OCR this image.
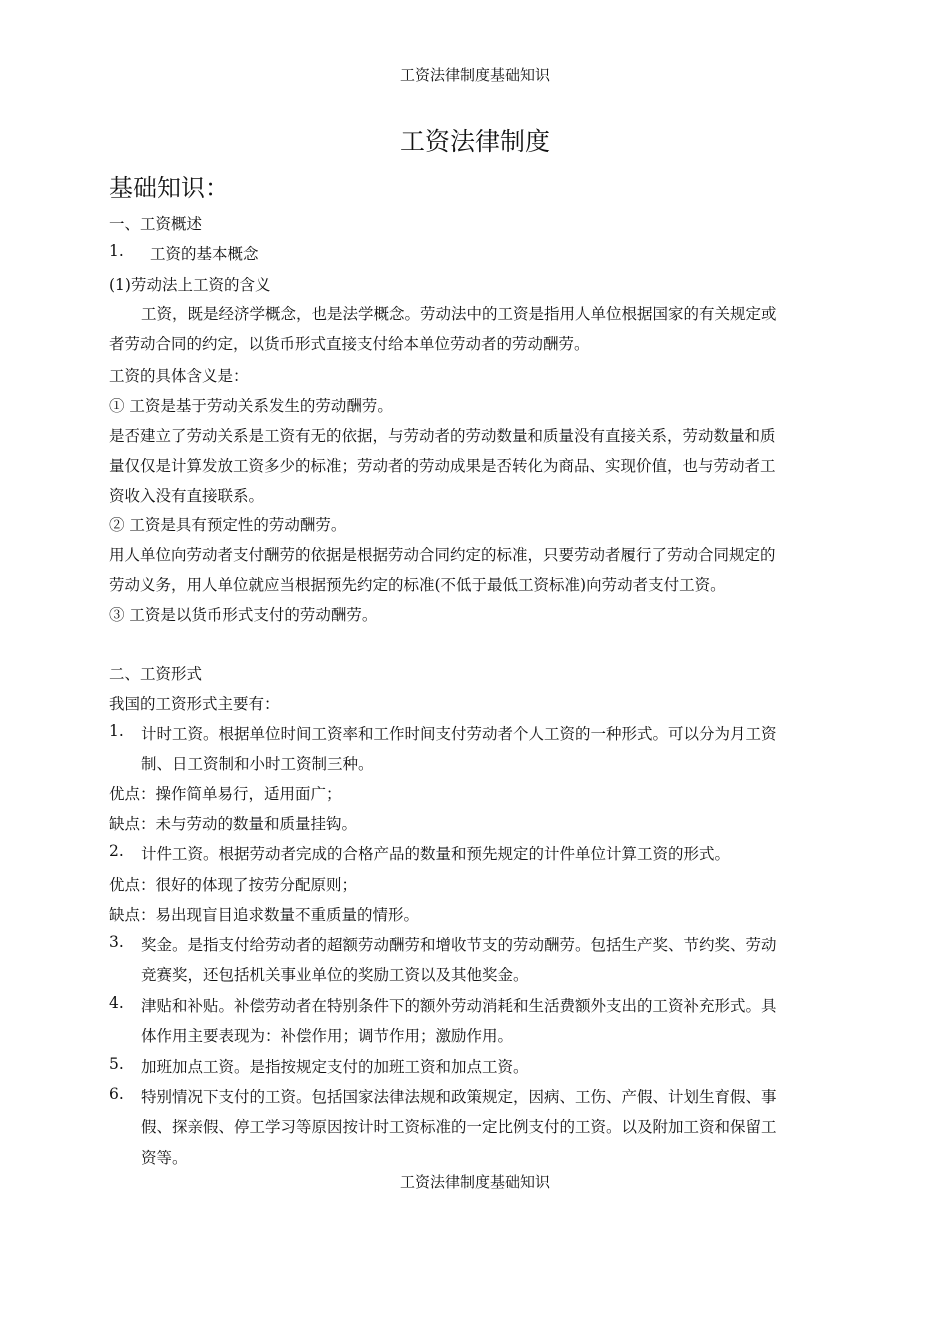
工资法律制度基础知识
工资法律制度
基础知识：
一、工资概述
1. 工资的基本概念
(1)劳动法上工资的含义
工资，既是经济学概念，也是法学概念。劳动法中的工资是指用人单位根据国家的有关规定或
者劳动合同的约定，以货币形式直接支付给本单位劳动者的劳动酬劳。
工资的具体含义是：
① 工资是基于劳动关系发生的劳动酬劳。
是否建立了劳动关系是工资有无的依据，与劳动者的劳动数量和质量没有直接关系，劳动数量和质
量仅仅是计算发放工资多少的标准；劳动者的劳动成果是否转化为商品、实现价值，也与劳动者工
资收入没有直接联系。
② 工资是具有预定性的劳动酬劳。
用人单位向劳动者支付酬劳的依据是根据劳动合同约定的标准，只要劳动者履行了劳动合同规定的
劳动义务，用人单位就应当根据预先约定的标准(不低于最低工资标准)向劳动者支付工资。
③ 工资是以货币形式支付的劳动酬劳。
二、工资形式
我国的工资形式主要有：
1. 计时工资。根据单位时间工资率和工作时间支付劳动者个人工资的一种形式。可以分为月工资
制、日工资制和小时工资制三种。
优点：操作简单易行，适用面广；
缺点：未与劳动的数量和质量挂钩。
2. 计件工资。根据劳动者完成的合格产品的数量和预先规定的计件单位计算工资的形式。
优点：很好的体现了按劳分配原则；
缺点：易出现盲目追求数量不重质量的情形。
3. 奖金。是指支付给劳动者的超额劳动酬劳和增收节支的劳动酬劳。包括生产奖、节约奖、劳动
竞赛奖，还包括机关事业单位的奖励工资以及其他奖金。
4. 津贴和补贴。补偿劳动者在特别条件下的额外劳动消耗和生活费额外支出的工资补充形式。具
体作用主要表现为：补偿作用；调节作用；激励作用。
5. 加班加点工资。是指按规定支付的加班工资和加点工资。
6. 特别情况下支付的工资。包括国家法律法规和政策规定，因病、工伤、产假、计划生育假、事
假、探亲假、停工学习等原因按计时工资标准的一定比例支付的工资。以及附加工资和保留工
资等。
工资法律制度基础知识
